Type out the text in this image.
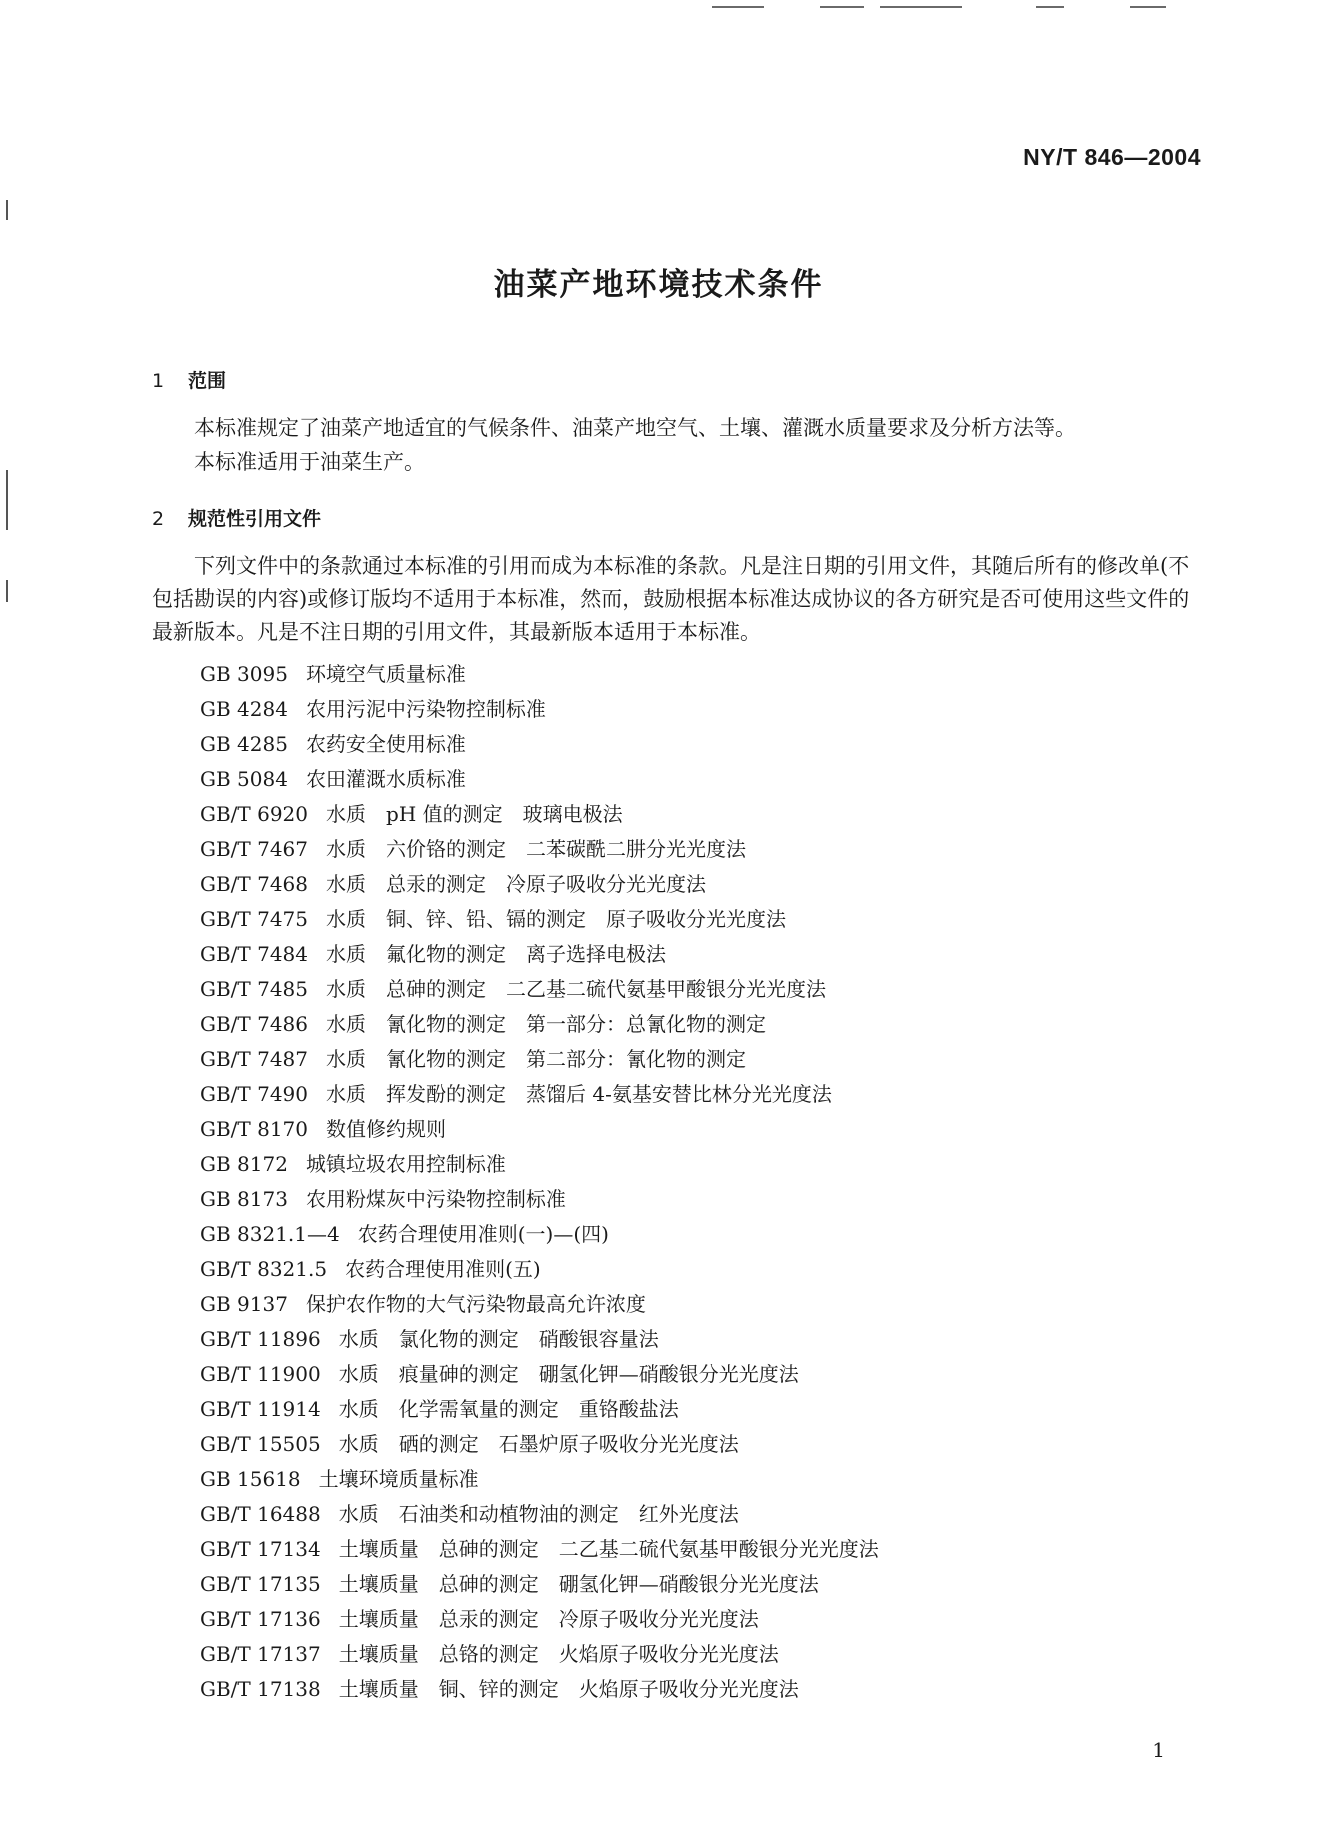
NY/T 846—2004
油菜产地环境技术条件
1 范围
本标准规定了油菜产地适宜的气候条件、油菜产地空气、土壤、灌溉水质量要求及分析方法等。
本标准适用于油菜生产。
2 规范性引用文件
下列文件中的条款通过本标准的引用而成为本标准的条款。凡是注日期的引用文件，其随后所有的修改单(不包括勘误的内容)或修订版均不适用于本标准，然而，鼓励根据本标准达成协议的各方研究是否可使用这些文件的最新版本。凡是不注日期的引用文件，其最新版本适用于本标准。
GB 3095 环境空气质量标准
GB 4284 农用污泥中污染物控制标准
GB 4285 农药安全使用标准
GB 5084 农田灌溉水质标准
GB/T 6920 水质　pH 值的测定　玻璃电极法
GB/T 7467 水质　六价铬的测定　二苯碳酰二肼分光光度法
GB/T 7468 水质　总汞的测定　冷原子吸收分光光度法
GB/T 7475 水质　铜、锌、铅、镉的测定　原子吸收分光光度法
GB/T 7484 水质　氟化物的测定　离子选择电极法
GB/T 7485 水质　总砷的测定　二乙基二硫代氨基甲酸银分光光度法
GB/T 7486 水质　氰化物的测定　第一部分：总氰化物的测定
GB/T 7487 水质　氰化物的测定　第二部分：氰化物的测定
GB/T 7490 水质　挥发酚的测定　蒸馏后 4-氨基安替比林分光光度法
GB/T 8170 数值修约规则
GB 8172 城镇垃圾农用控制标准
GB 8173 农用粉煤灰中污染物控制标准
GB 8321.1—4 农药合理使用准则(一)—(四)
GB/T 8321.5 农药合理使用准则(五)
GB 9137 保护农作物的大气污染物最高允许浓度
GB/T 11896 水质　氯化物的测定　硝酸银容量法
GB/T 11900 水质　痕量砷的测定　硼氢化钾—硝酸银分光光度法
GB/T 11914 水质　化学需氧量的测定　重铬酸盐法
GB/T 15505 水质　硒的测定　石墨炉原子吸收分光光度法
GB 15618 土壤环境质量标准
GB/T 16488 水质　石油类和动植物油的测定　红外光度法
GB/T 17134 土壤质量　总砷的测定　二乙基二硫代氨基甲酸银分光光度法
GB/T 17135 土壤质量　总砷的测定　硼氢化钾—硝酸银分光光度法
GB/T 17136 土壤质量　总汞的测定　冷原子吸收分光光度法
GB/T 17137 土壤质量　总铬的测定　火焰原子吸收分光光度法
GB/T 17138 土壤质量　铜、锌的测定　火焰原子吸收分光光度法
1
